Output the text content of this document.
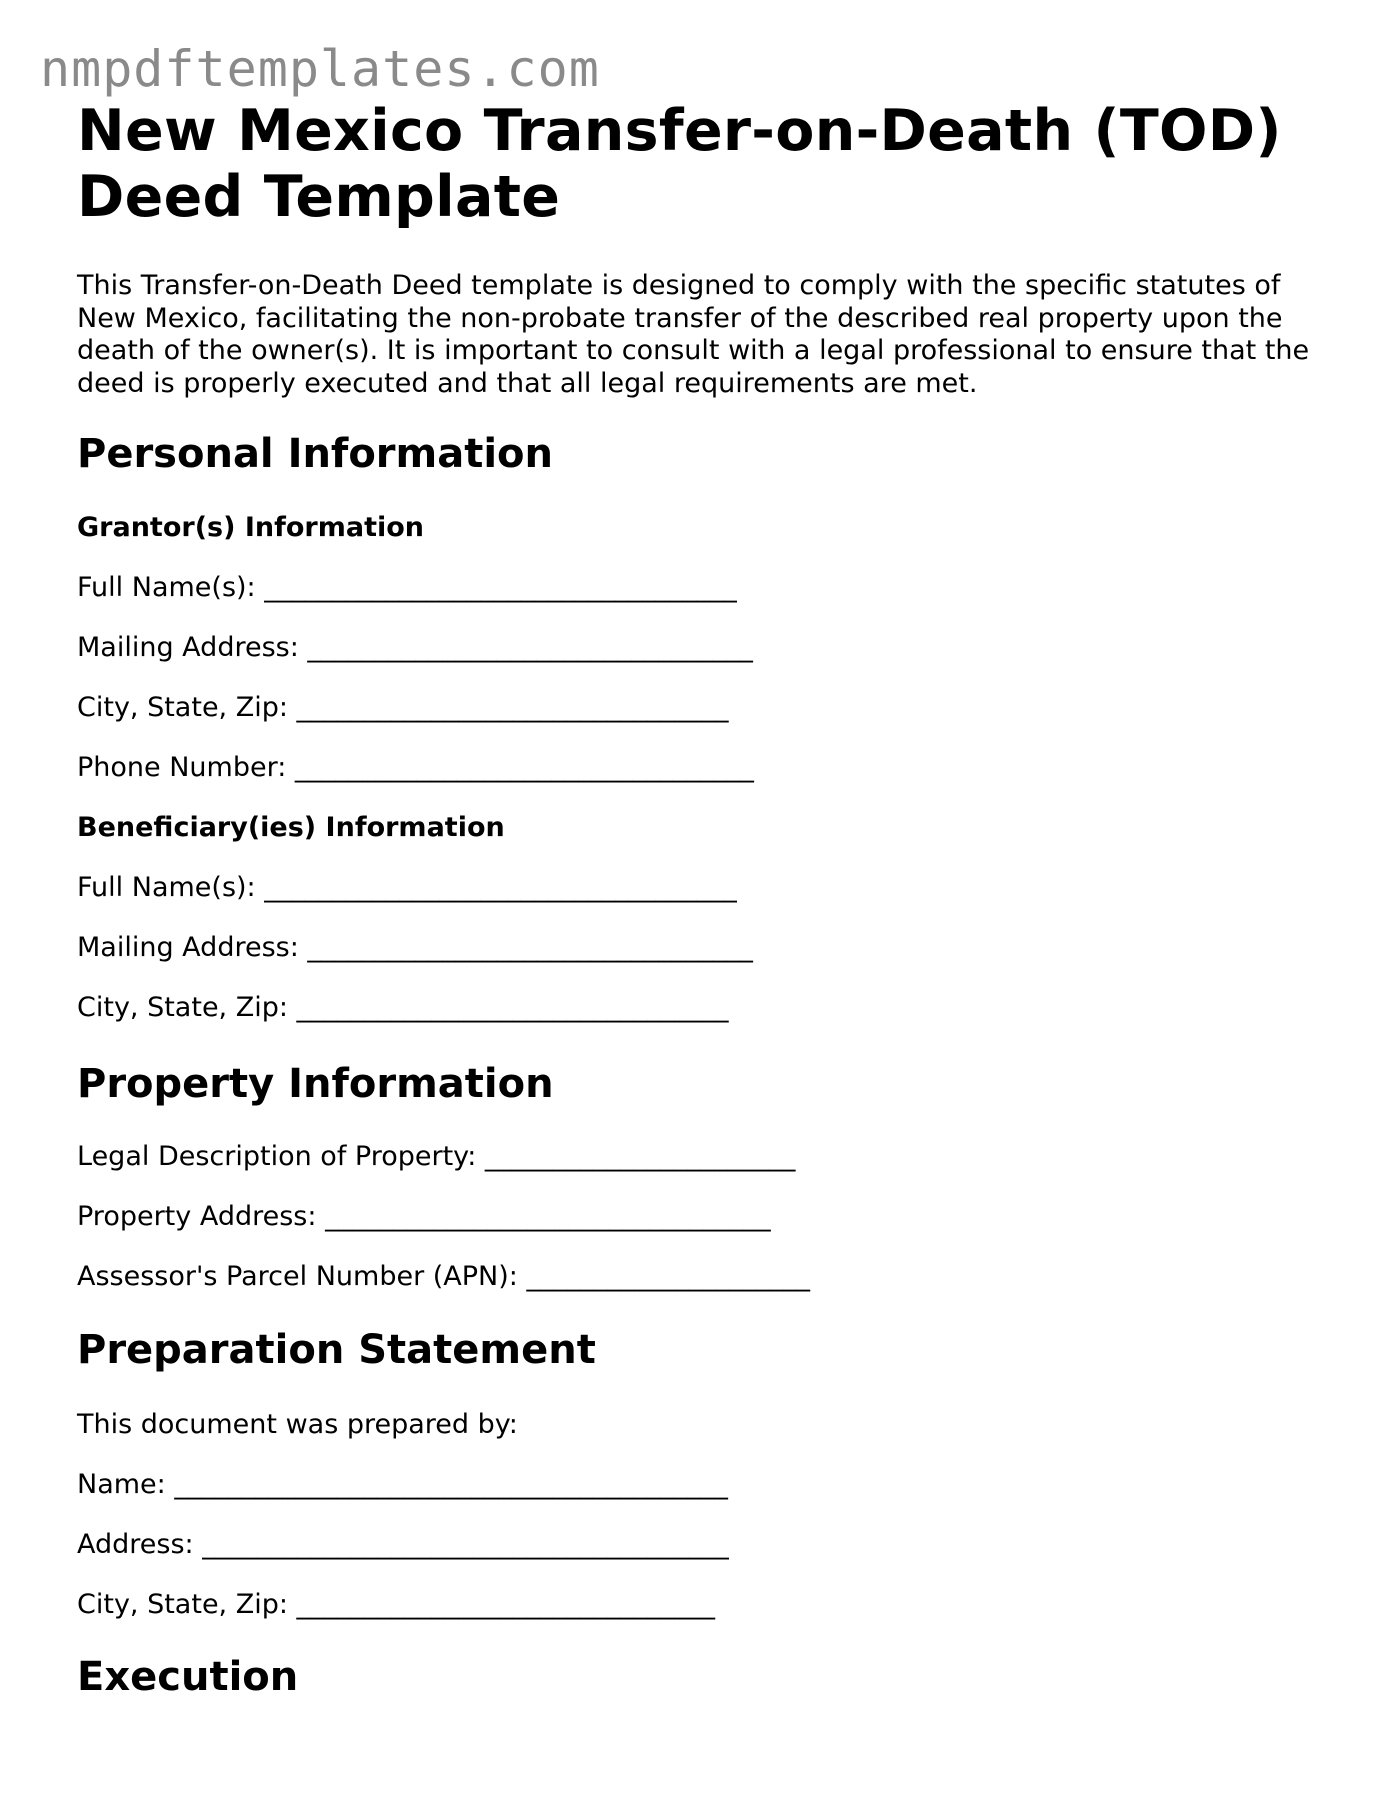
nmpdftemplates.com
New Mexico Transfer-on-Death (TOD) Deed Template

This Transfer-on-Death Deed template is designed to comply with the specific statutes of New Mexico, facilitating the non-probate transfer of the described real property upon the death of the owner(s). It is important to consult with a legal professional to ensure that the deed is properly executed and that all legal requirements are met.

Personal Information
Grantor(s) Information
Full Name(s): ___________________________________
Mailing Address: _________________________________
City, State, Zip: ________________________________
Phone Number: __________________________________
Beneficiary(ies) Information
Full Name(s): ___________________________________
Mailing Address: _________________________________
City, State, Zip: ________________________________
Property Information
Legal Description of Property: _______________________
Property Address: _________________________________
Assessor's Parcel Number (APN): _____________________
Preparation Statement
This document was prepared by:
Name: _________________________________________
Address: _______________________________________
City, State, Zip: _______________________________
Execution
